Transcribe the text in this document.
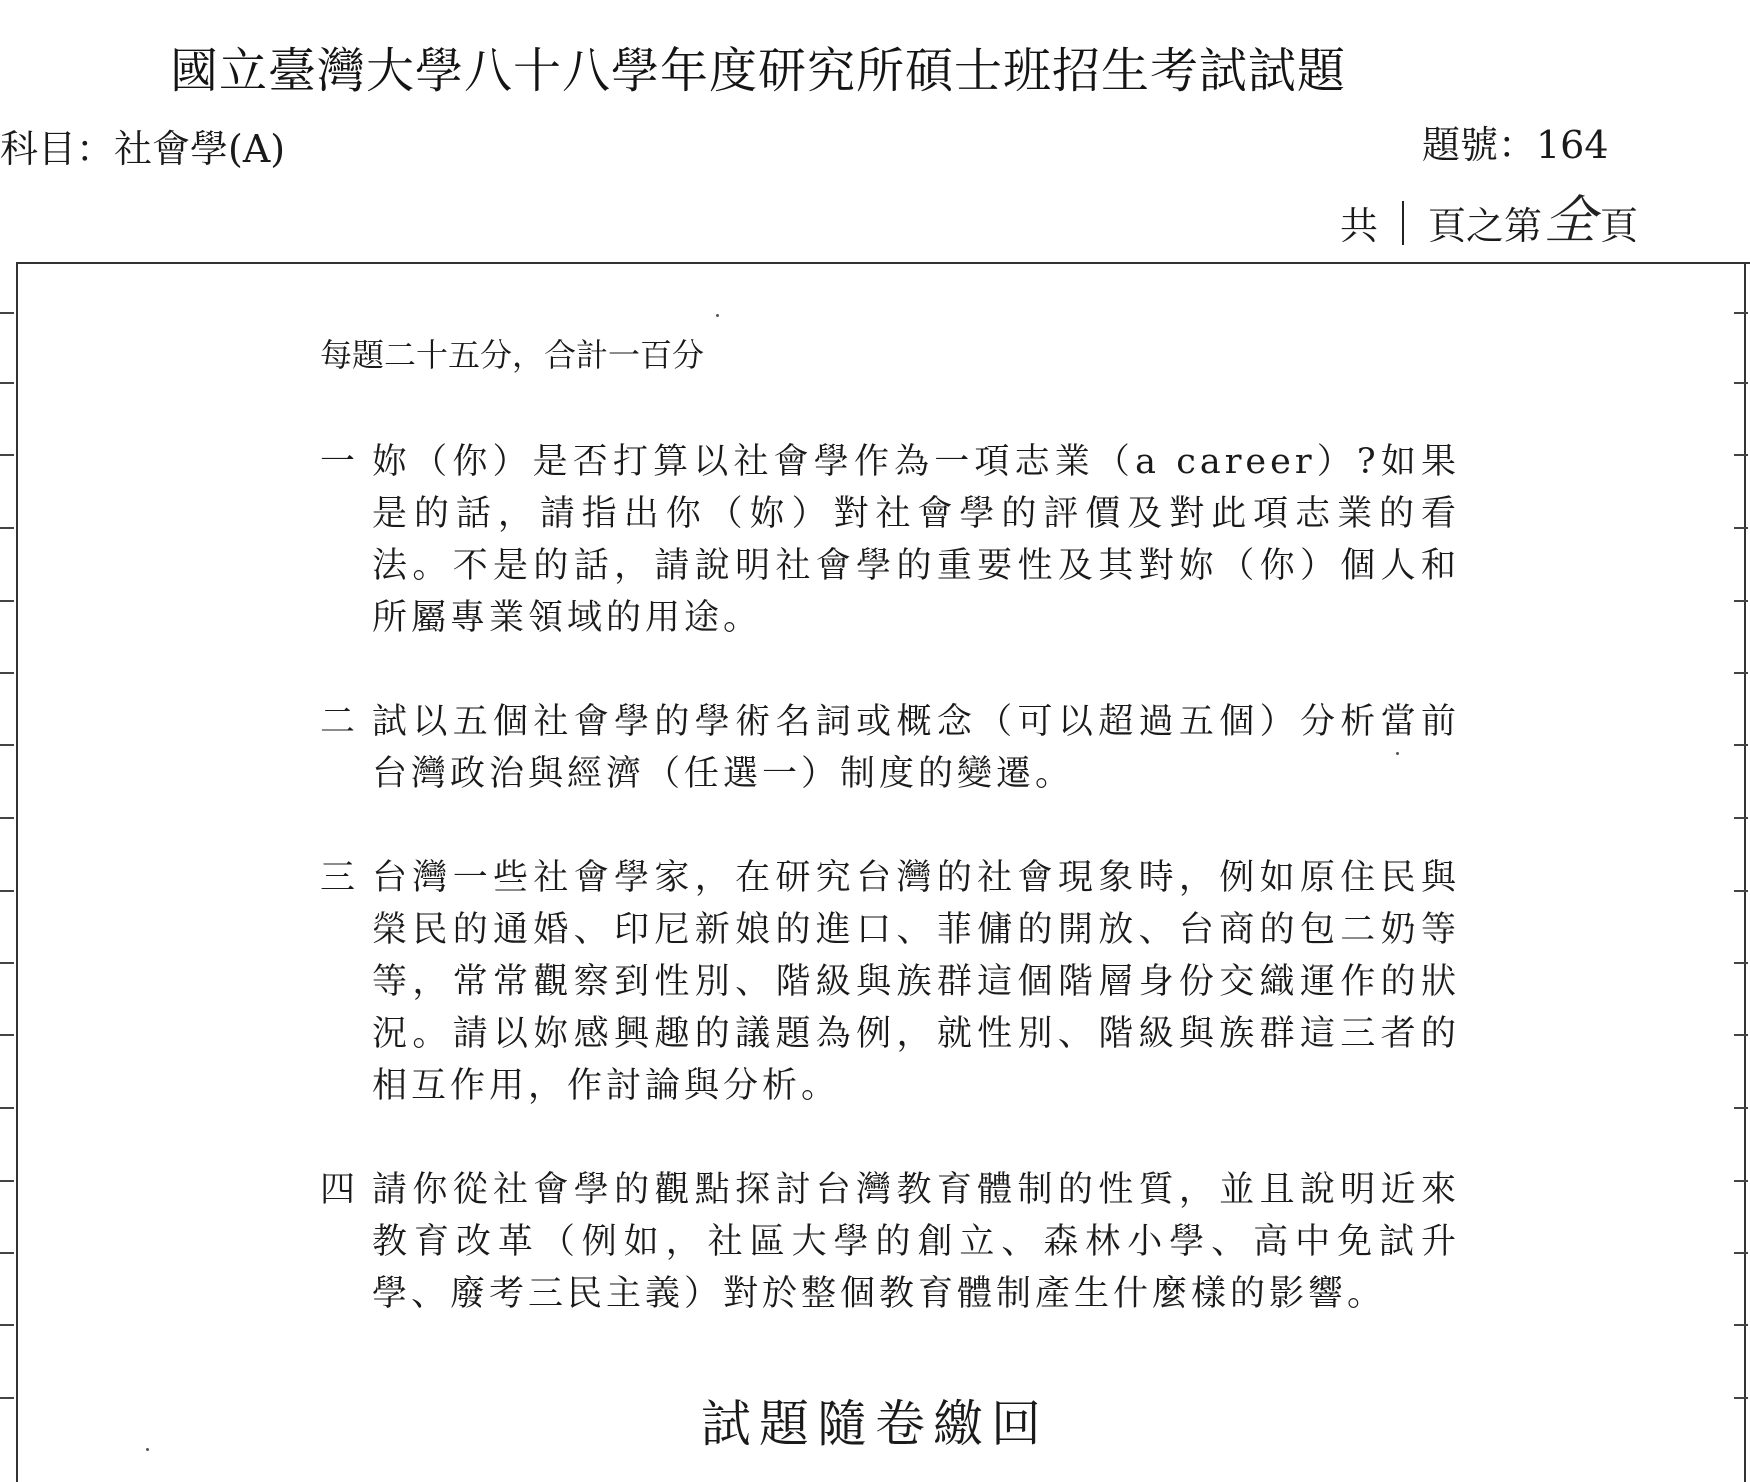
國立臺灣大學八十八學年度研究所碩士班招生考試試題
科目：社會學(A)	題號：164
共 頁之第 全 頁
每題二十五分，合計一百分
一 妳（你）是否打算以社會學作為一項志業（a career）?如果是的話，請指出你（妳）對社會學的評價及對此項志業的看法。不是的話，請說明社會學的重要性及其對妳（你）個人和所屬專業領域的用途。
二 試以五個社會學的學術名詞或概念（可以超過五個）分析當前台灣政治與經濟（任選一）制度的變遷。
三 台灣一些社會學家，在研究台灣的社會現象時，例如原住民與榮民的通婚、印尼新娘的進口、菲傭的開放、台商的包二奶等等，常常觀察到性別、階級與族群這個階層身份交織運作的狀況。請以妳感興趣的議題為例，就性別、階級與族群這三者的相互作用，作討論與分析。
四 請你從社會學的觀點探討台灣教育體制的性質，並且說明近來教育改革（例如，社區大學的創立、森林小學、高中免試升學、廢考三民主義）對於整個教育體制產生什麼樣的影響。
試題隨卷繳回
